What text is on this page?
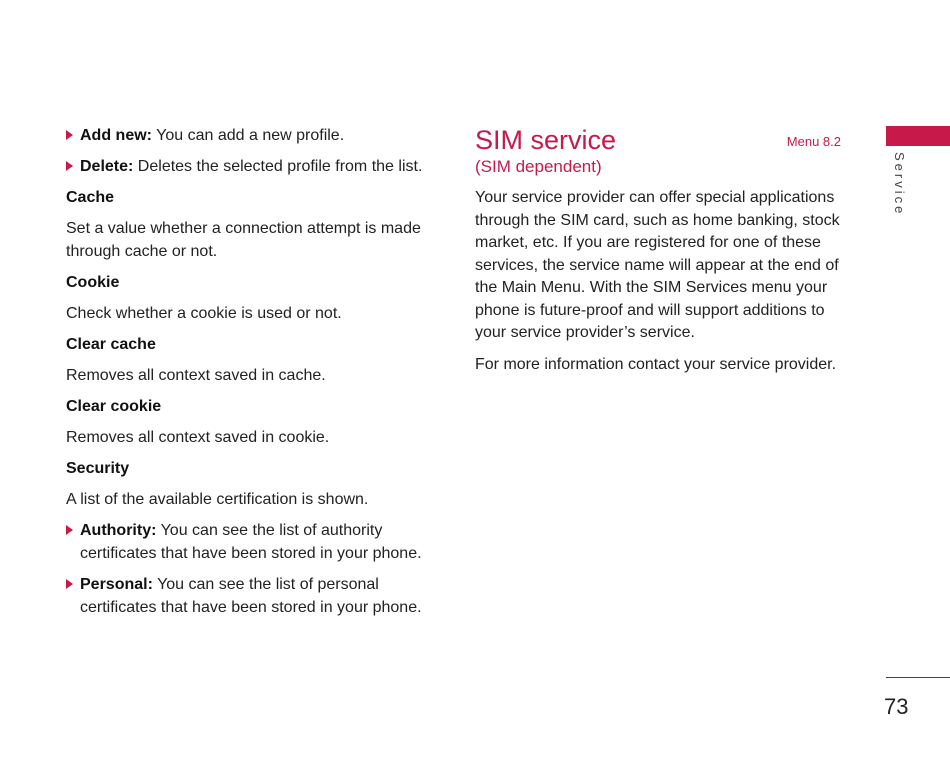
Add new: You can add a new profile.
Delete: Deletes the selected profile from the list.
Cache
Set a value whether a connection attempt is made through cache or not.
Cookie
Check whether a cookie is used or not.
Clear cache
Removes all context saved in cache.
Clear cookie
Removes all context saved in cookie.
Security
A list of the available certification is shown.
Authority: You can see the list of authority certificates that have been stored in your phone.
Personal: You can see the list of personal certificates that have been stored in your phone.
SIM service	Menu 8.2
(SIM dependent)
Your service provider can offer special applications through the SIM card, such as home banking, stock market, etc. If you are registered for one of these services, the service name will appear at the end of the Main Menu. With the SIM Services menu your phone is future-proof and will support additions to your service provider’s service.
For more information contact your service provider.
Service
73
